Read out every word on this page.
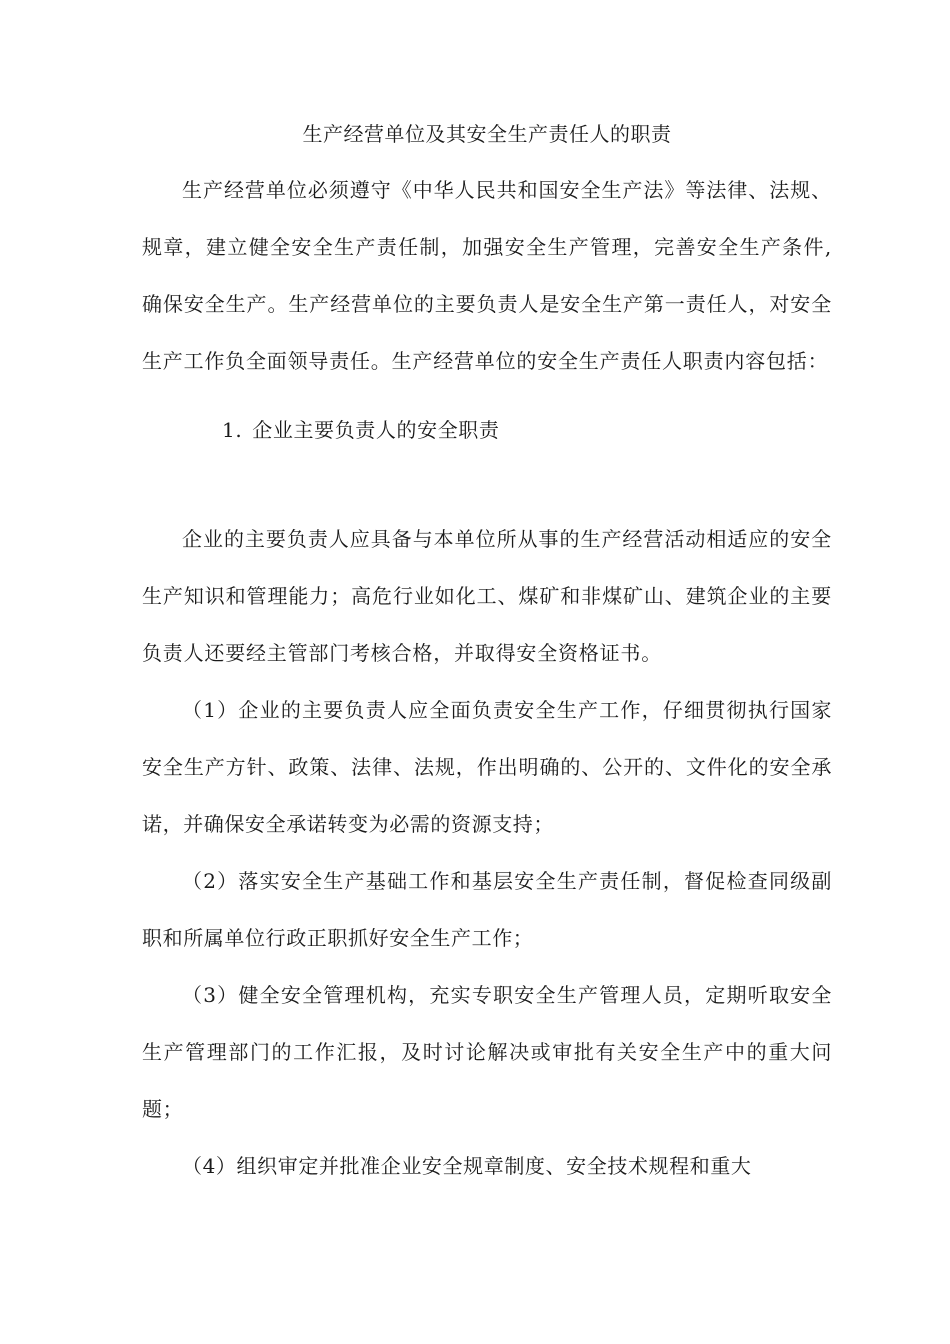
生产经营单位及其安全生产责任人的职责

生产经营单位必须遵守《中华人民共和国安全生产法》等法律、法规、规章，建立健全安全生产责任制，加强安全生产管理，完善安全生产条件, 确保安全生产。生产经营单位的主要负责人是安全生产第一责任人，对安全生产工作负全面领导责任。生产经营单位的安全生产责任人职责内容包括：

1. 企业主要负责人的安全职责

企业的主要负责人应具备与本单位所从事的生产经营活动相适应的安全生产知识和管理能力；高危行业如化工、煤矿和非煤矿山、建筑企业的主要负责人还要经主管部门考核合格，并取得安全资格证书。

（1）企业的主要负责人应全面负责安全生产工作，仔细贯彻执行国家安全生产方针、政策、法律、法规，作出明确的、公开的、文件化的安全承诺，并确保安全承诺转变为必需的资源支持；

（2）落实安全生产基础工作和基层安全生产责任制，督促检查同级副职和所属单位行政正职抓好安全生产工作；

（3）健全安全管理机构，充实专职安全生产管理人员，定期听取安全生产管理部门的工作汇报，及时讨论解决或审批有关安全生产中的重大问题；

（4）组织审定并批准企业安全规章制度、安全技术规程和重大
